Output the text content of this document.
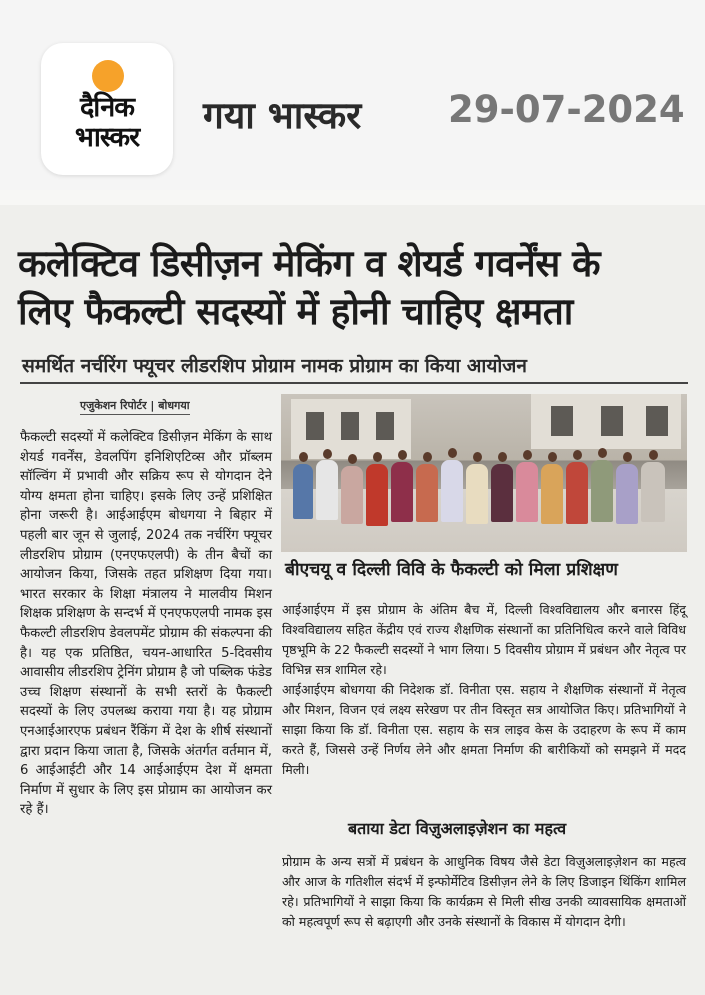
दैनिक
भास्कर
गया भास्कर 29-07-2024
कलेक्टिव डिसीज़न मेकिंग व शेयर्ड गवर्नेंस के
लिए फैकल्टी सदस्यों में होनी चाहिए क्षमता
समर्थित नर्चरिंग फ्यूचर लीडरशिप प्रोग्राम नामक प्रोग्राम का किया आयोजन
एजुकेशन रिपोर्टर | बोधगया

फैकल्टी सदस्यों में कलेक्टिव डिसीज़न मेकिंग के साथ शेयर्ड गवर्नेंस, डेवलपिंग इनिशिएटिव्स और प्रॉब्लम सॉल्विंग में प्रभावी और सक्रिय रूप से योगदान देने योग्य क्षमता होना चाहिए। इसके लिए उन्हें प्रशिक्षित होना जरूरी है। आईआईएम बोधगया ने बिहार में पहली बार जून से जुलाई, 2024 तक नर्चरिंग फ्यूचर लीडरशिप प्रोग्राम (एनएफएलपी) के तीन बैचों का आयोजन किया, जिसके तहत प्रशिक्षण दिया गया। भारत सरकार के शिक्षा मंत्रालय ने मालवीय मिशन शिक्षक प्रशिक्षण के सन्दर्भ में एनएफएलपी नामक इस फैकल्टी लीडरशिप डेवलपमेंट प्रोग्राम की संकल्पना की है। यह एक प्रतिष्ठित, चयन-आधारित 5-दिवसीय आवासीय लीडरशिप ट्रेनिंग प्रोग्राम है जो पब्लिक फंडेड उच्च शिक्षण संस्थानों के सभी स्तरों के फैकल्टी सदस्यों के लिए उपलब्ध कराया गया है। यह प्रोग्राम एनआईआरएफ प्रबंधन रैंकिंग में देश के शीर्ष संस्थानों द्वारा प्रदान किया जाता है, जिसके अंतर्गत वर्तमान में, 6 आईआईटी और 14 आईआईएम देश में क्षमता निर्माण में सुधार के लिए इस प्रोग्राम का आयोजन कर रहे हैं।

बीएचयू व दिल्ली विवि के फैकल्टी को मिला प्रशिक्षण

आईआईएम में इस प्रोग्राम के अंतिम बैच में, दिल्ली विश्वविद्यालय और बनारस हिंदू विश्वविद्यालय सहित केंद्रीय एवं राज्य शैक्षणिक संस्थानों का प्रतिनिधित्व करने वाले विविध पृष्ठभूमि के 22 फैकल्टी सदस्यों ने भाग लिया। 5 दिवसीय प्रोग्राम में प्रबंधन और नेतृत्व पर विभिन्न सत्र शामिल रहे।

आईआईएम बोधगया की निदेशक डॉ. विनीता एस. सहाय ने शैक्षणिक संस्थानों में नेतृत्व और मिशन, विजन एवं लक्ष्य सरेखण पर तीन विस्तृत सत्र आयोजित किए। प्रतिभागियों ने साझा किया कि डॉ. विनीता एस. सहाय के सत्र लाइव केस के उदाहरण के रूप में काम करते हैं, जिससे उन्हें निर्णय लेने और क्षमता निर्माण की बारीकियों को समझने में मदद मिली।

बताया डेटा विज़ुअलाइज़ेशन का महत्व

प्रोग्राम के अन्य सत्रों में प्रबंधन के आधुनिक विषय जैसे डेटा विज़ुअलाइज़ेशन का महत्व और आज के गतिशील संदर्भ में इन्फोर्मेटिव डिसीज़न लेने के लिए डिजाइन थिंकिंग शामिल रहे। प्रतिभागियों ने साझा किया कि कार्यक्रम से मिली सीख उनकी व्यावसायिक क्षमताओं को महत्वपूर्ण रूप से बढ़ाएगी और उनके संस्थानों के विकास में योगदान देगी।
